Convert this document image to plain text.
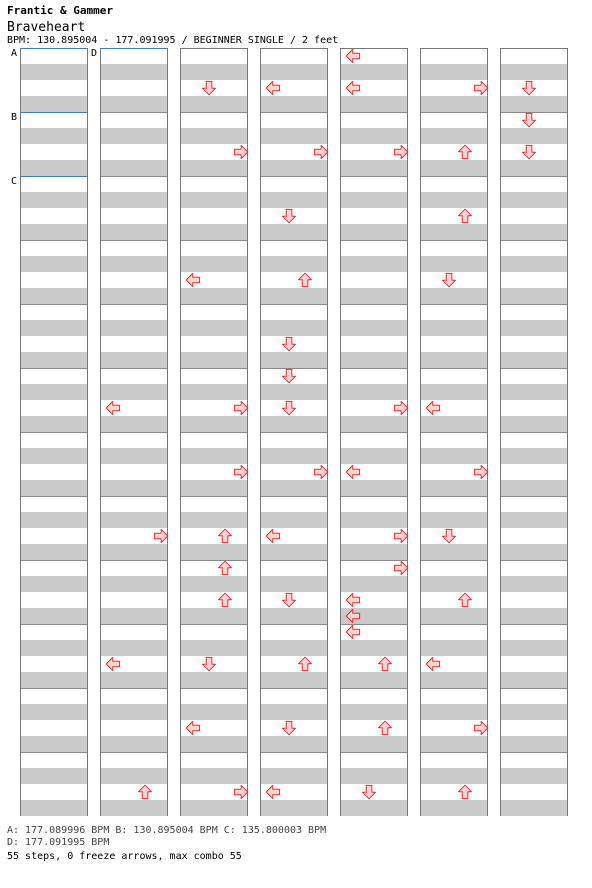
Frantic & Gammer
Braveheart
BPM: 130.895004 - 177.091995 / BEGINNER SINGLE / 2 feet
A
B
C
D
A: 177.089996 BPM B: 130.895004 BPM C: 135.800003 BPM
D: 177.091995 BPM
55 steps, 0 freeze arrows, max combo 55
